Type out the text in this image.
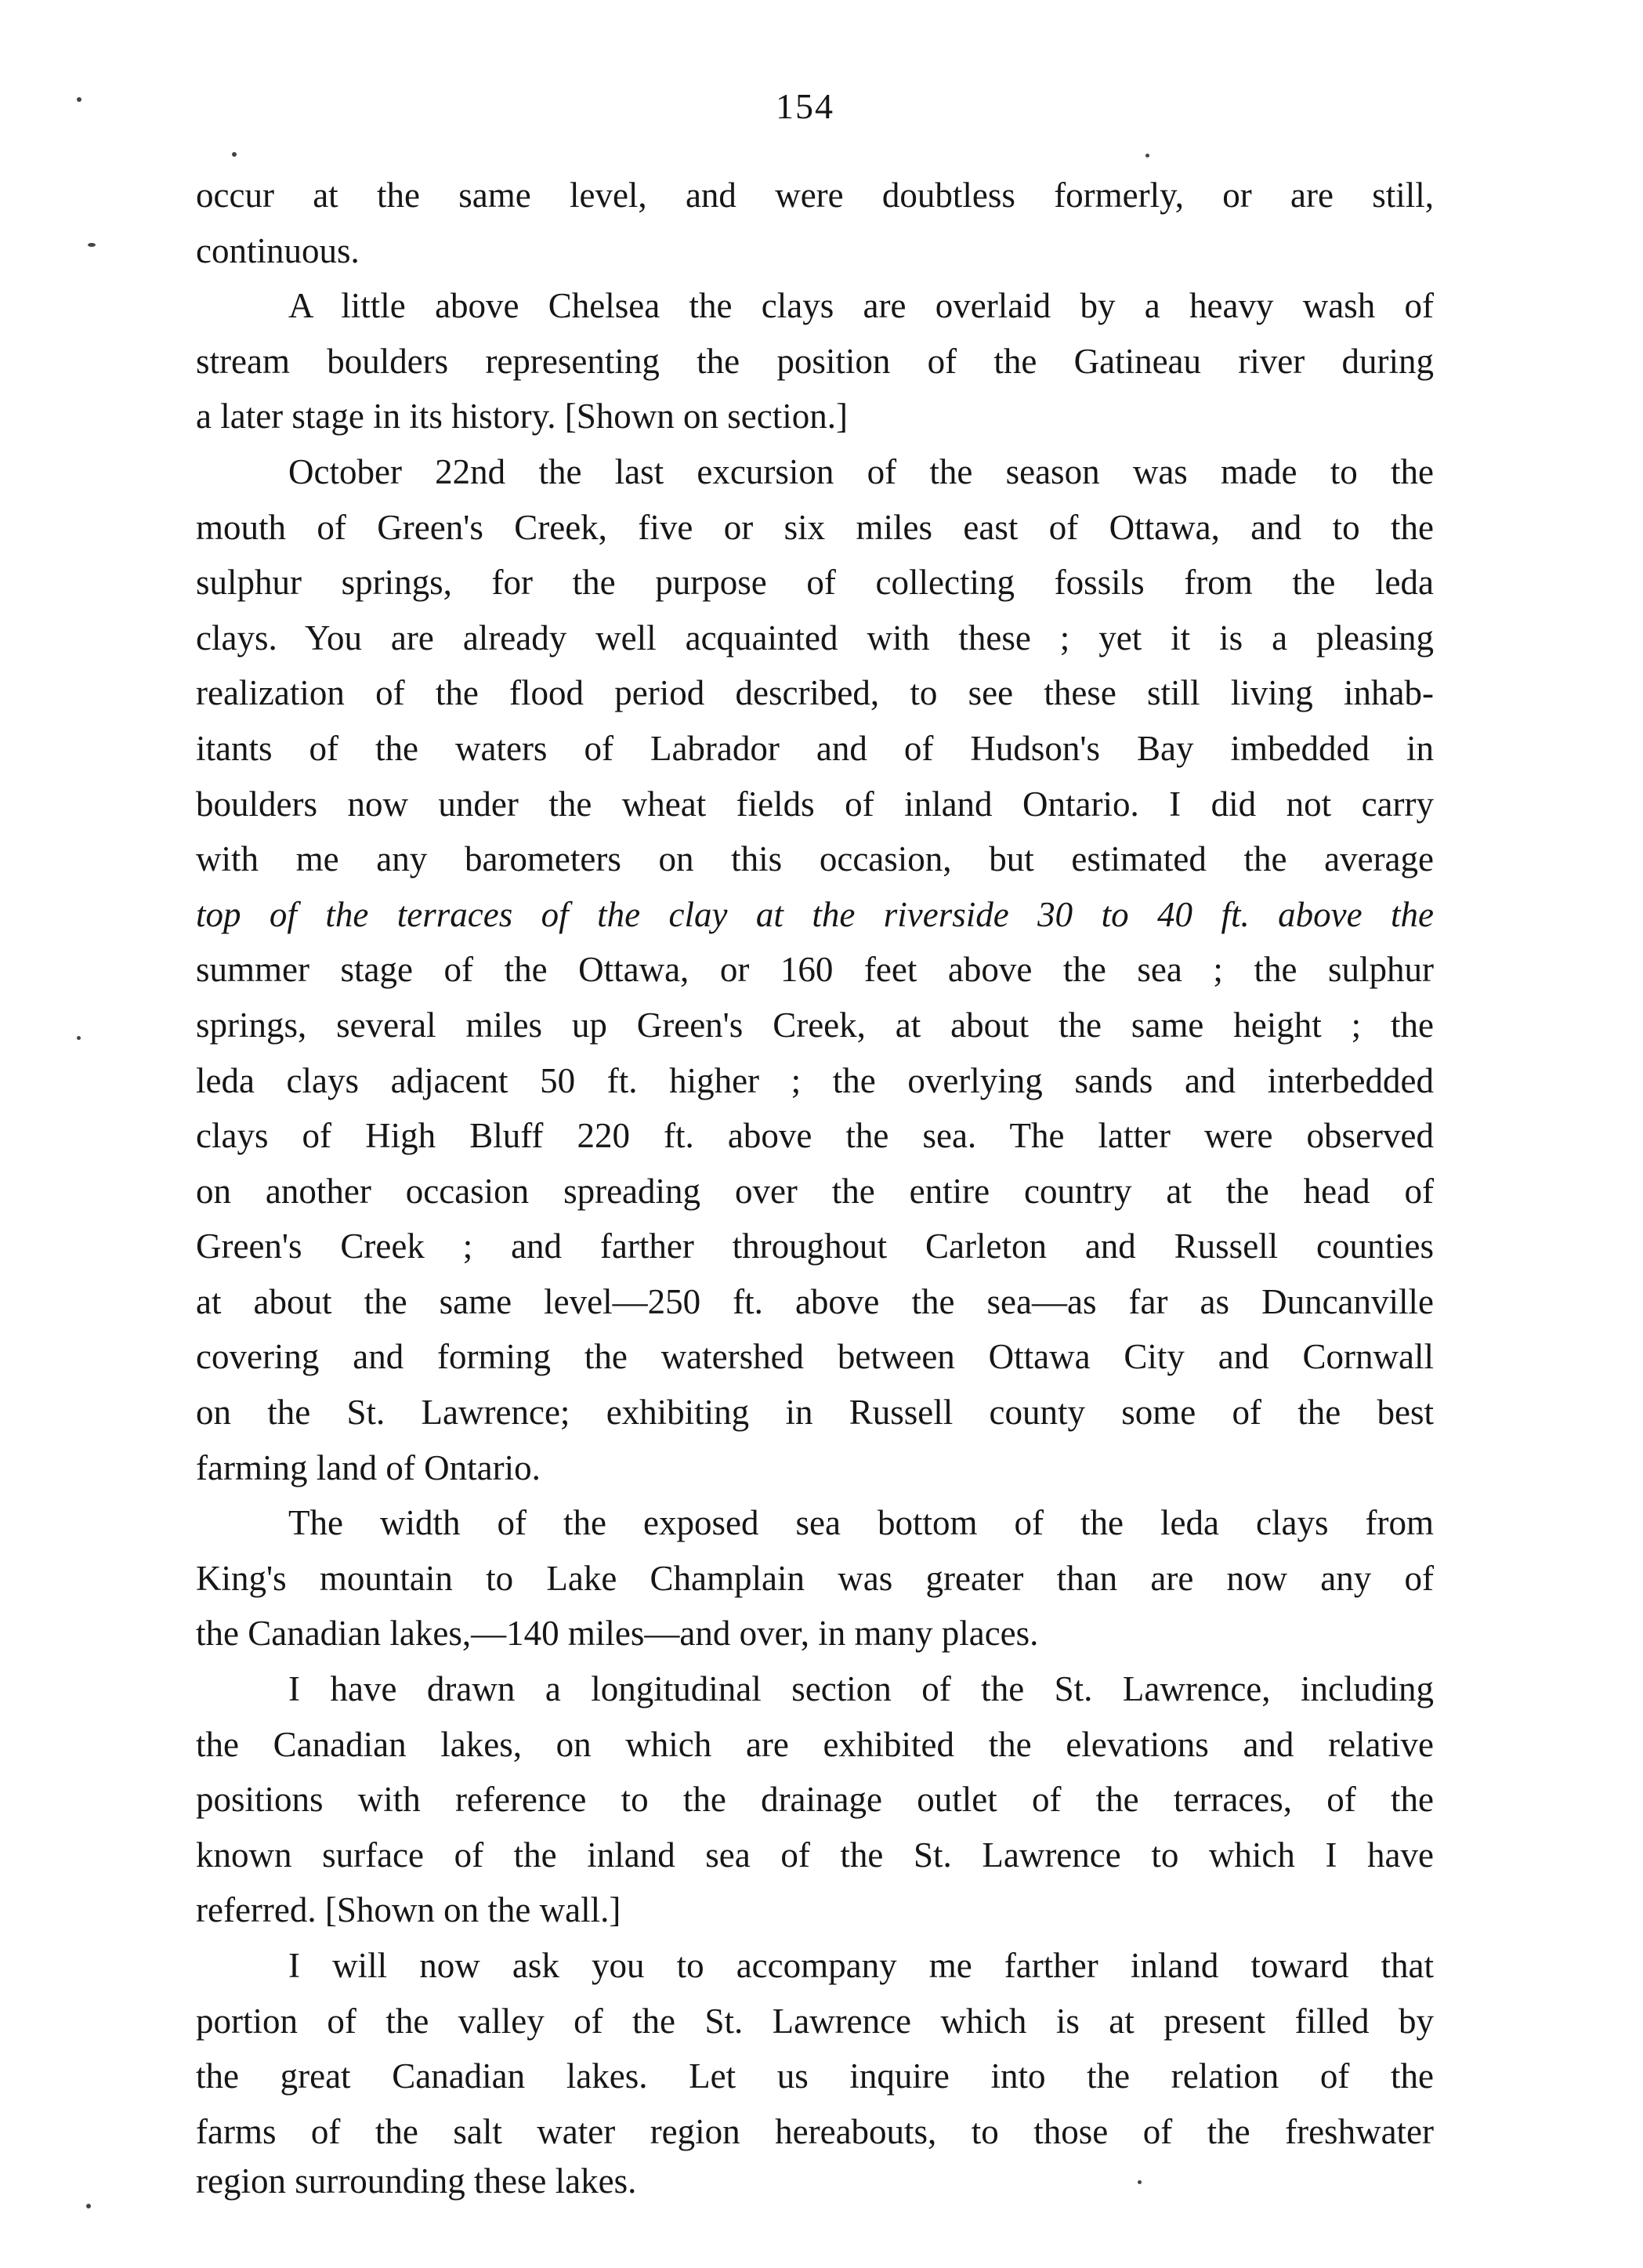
154
occur at the same level, and were doubtless formerly, or are still,
continuous.
A little above Chelsea the clays are overlaid by a heavy wash of
stream boulders representing the position of the Gatineau river during
a later stage in its history. [Shown on section.]
October 22nd the last excursion of the season was made to the
mouth of Green's Creek, five or six miles east of Ottawa, and to the
sulphur springs, for the purpose of collecting fossils from the leda
clays. You are already well acquainted with these ; yet it is a pleasing
realization of the flood period described, to see these still living inhab-
itants of the waters of Labrador and of Hudson's Bay imbedded in
boulders now under the wheat fields of inland Ontario. I did not carry
with me any barometers on this occasion, but estimated the average
top of the terraces of the clay at the riverside 30 to 40 ft. above the
summer stage of the Ottawa, or 160 feet above the sea ; the sulphur
springs, several miles up Green's Creek, at about the same height ; the
leda clays adjacent 50 ft. higher ; the overlying sands and interbedded
clays of High Bluff 220 ft. above the sea. The latter were observed
on another occasion spreading over the entire country at the head of
Green's Creek ; and farther throughout Carleton and Russell counties
at about the same level—250 ft. above the sea—as far as Duncanville
covering and forming the watershed between Ottawa City and Cornwall
on the St. Lawrence; exhibiting in Russell county some of the best
farming land of Ontario.
The width of the exposed sea bottom of the leda clays from
King's mountain to Lake Champlain was greater than are now any of
the Canadian lakes,—140 miles—and over, in many places.
I have drawn a longitudinal section of the St. Lawrence, including
the Canadian lakes, on which are exhibited the elevations and relative
positions with reference to the drainage outlet of the terraces, of the
known surface of the inland sea of the St. Lawrence to which I have
referred. [Shown on the wall.]
I will now ask you to accompany me farther inland toward that
portion of the valley of the St. Lawrence which is at present filled by
the great Canadian lakes. Let us inquire into the relation of the
farms of the salt water region hereabouts, to those of the freshwater
region surrounding these lakes.
